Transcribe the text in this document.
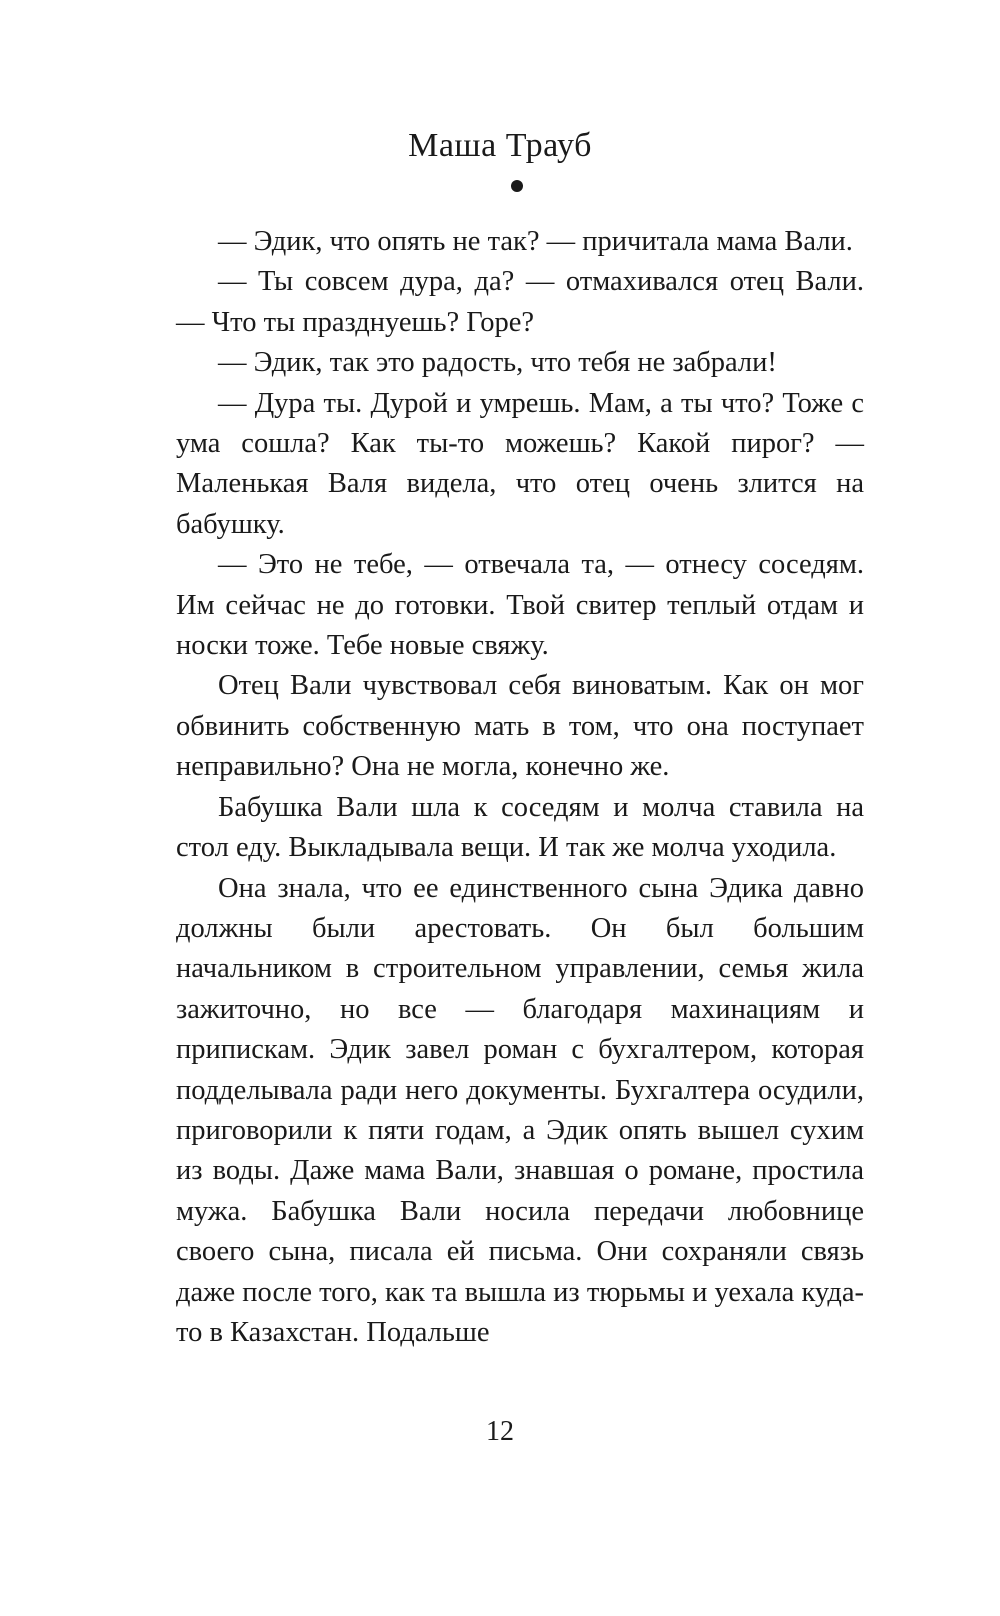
Маша Трауб

— Эдик, что опять не так? — причитала мама Вали.

— Ты совсем дура, да? — отмахивался отец Вали. — Что ты празднуешь? Горе?

— Эдик, так это радость, что тебя не забрали!

— Дура ты. Дурой и умрешь. Мам, а ты что? Тоже с ума сошла? Как ты-то можешь? Какой пирог? — Маленькая Валя видела, что отец очень злится на бабушку.

— Это не тебе, — отвечала та, — отнесу соседям. Им сейчас не до готовки. Твой свитер теплый отдам и носки тоже. Тебе новые свяжу.

Отец Вали чувствовал себя виноватым. Как он мог обвинить собственную мать в том, что она поступает неправильно? Она не могла, конечно же.

Бабушка Вали шла к соседям и молча ставила на стол еду. Выкладывала вещи. И так же молча уходила.

Она знала, что ее единственного сына Эдика давно должны были арестовать. Он был большим начальником в строительном управлении, семья жила зажиточно, но все — благодаря махинациям и припискам. Эдик завел роман с бухгалтером, которая подделывала ради него документы. Бухгалтера осудили, приговорили к пяти годам, а Эдик опять вышел сухим из воды. Даже мама Вали, знавшая о романе, простила мужа. Бабушка Вали носила передачи любовнице своего сына, писала ей письма. Они сохраняли связь даже после того, как та вышла из тюрьмы и уехала куда-то в Казахстан. Подальше

12
